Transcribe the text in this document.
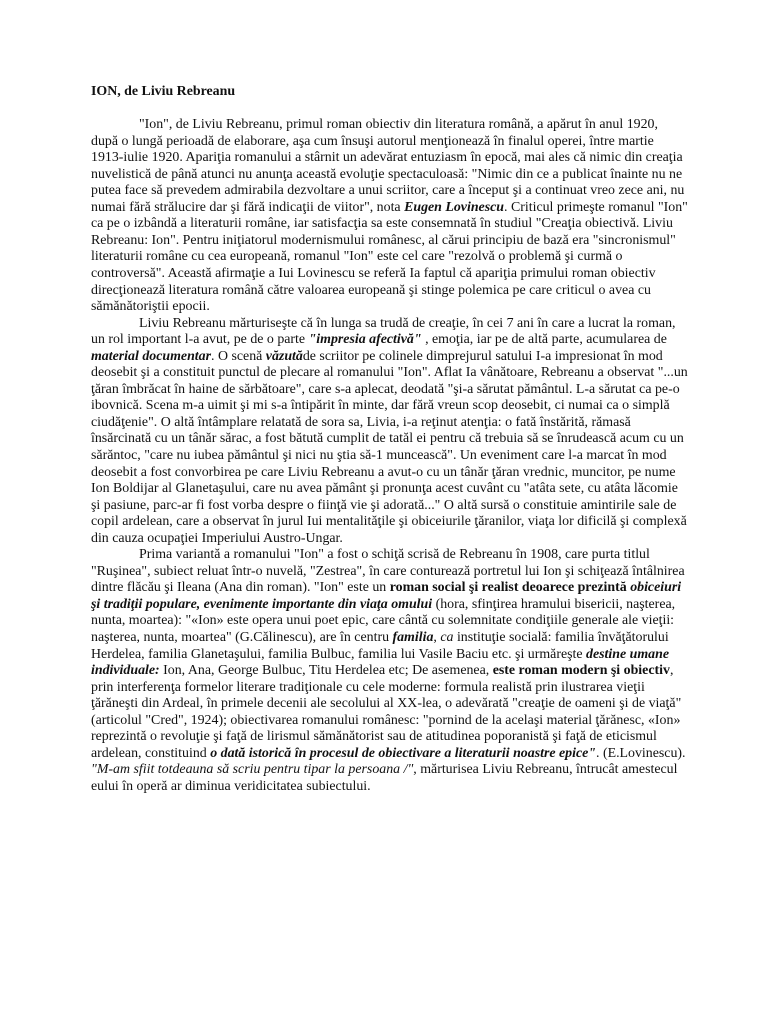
ION, de Liviu Rebreanu

"Ion", de Liviu Rebreanu, primul roman obiectiv din literatura română, a apărut în anul 1920, după o lungă perioadă de elaborare, aşa cum însuşi autorul menţionează în finalul operei, între martie 1913-iulie 1920. Apariţia romanului a stârnit un adevărat entuziasm în epocă, mai ales că nimic din creaţia nuvelistică de până atunci nu anunţa această evoluţie spectaculoasă: "Nimic din ce a publicat înainte nu ne putea face să prevedem admirabila dezvoltare a unui scriitor, care a început şi a continuat vreo zece ani, nu numai fără strălucire dar şi fără indicaţii de viitor", nota Eugen Lovinescu. Criticul primeşte romanul "Ion" ca pe o izbândă a literaturii române, iar satisfacţia sa este consemnată în studiul "Creaţia obiectivă. Liviu Rebreanu: Ion". Pentru iniţiatorul modernismului românesc, al cărui principiu de bază era "sincronismul" literaturii române cu cea europeană, romanul "Ion" este cel care "rezolvă o problemă şi curmă o controversă". Această afirmaţie a Iui Lovinescu se referă Ia faptul că apariţia primului roman obiectiv direcţionează literatura română către valoarea europeană şi stinge polemica pe care criticul o avea cu sămănătoriştii epocii.

Liviu Rebreanu mărturiseşte că în lunga sa trudă de creaţie, în cei 7 ani în care a lucrat la roman, un rol important l-a avut, pe de o parte "impresia afectivă" , emoţia, iar pe de altă parte, acumularea de material documentar. O scenă văzutăde scriitor pe colinele dimprejurul satului I-a impresionat în mod deosebit şi a constituit punctul de plecare al romanului "Ion". Aflat Ia vânătoare, Rebreanu a observat "...un ţăran îmbrăcat în haine de sărbătoare", care s-a aplecat, deodată "şi-a sărutat pământul. L-a sărutat ca pe-o ibovnică. Scena m-a uimit şi mi s-a întipărit în minte, dar fără vreun scop deosebit, ci numai ca o simplă ciudăţenie". O altă întâmplare relatată de sora sa, Livia, i-a reţinut atenţia: o fată înstărită, rămasă însărcinată cu un tânăr sărac, a fost bătută cumplit de tatăl ei pentru că trebuia să se înrudească acum cu un sărăntoc, "care nu iubea pământul şi nici nu ştia să-1 muncească". Un eveniment care l-a marcat în mod deosebit a fost convorbirea pe care Liviu Rebreanu a avut-o cu un tânăr ţăran vrednic, muncitor, pe nume Ion Boldijar al Glanetaşului, care nu avea pământ şi pronunţa acest cuvânt cu "atâta sete, cu atâta lăcomie şi pasiune, parc-ar fi fost vorba despre o fiinţă vie şi adorată..." O altă sursă o constituie amintirile sale de copil ardelean, care a observat în jurul Iui mentalităţile şi obiceiurile ţăranilor, viaţa lor dificilă şi complexă din cauza ocupaţiei Imperiului Austro-Ungar.

Prima variantă a romanului "Ion" a fost o schiţă scrisă de Rebreanu în 1908, care purta titlul "Ruşinea", subiect reluat într-o nuvelă, "Zestrea", în care conturează portretul lui Ion şi schiţează întâlnirea dintre flăcău şi Ileana (Ana din roman). "Ion" este un roman social şi realist deoarece prezintă obiceiuri şi tradiţii populare, evenimente importante din viaţa omului (hora, sfinţirea hramului bisericii, naşterea, nunta, moartea): "«Ion» este opera unui poet epic, care cântă cu solemnitate condiţiile generale ale vieţii: naşterea, nunta, moartea" (G.Călinescu), are în centru familia, ca instituţie socială: familia învăţătorului Herdelea, familia Glanetaşului, familia Bulbuc, familia lui Vasile Baciu etc. şi urmăreşte destine umane individuale: Ion, Ana, George Bulbuc, Titu Herdelea etc; De asemenea, este roman modern şi obiectiv, prin interferenţa formelor literare tradiţionale cu cele moderne: formula realistă prin ilustrarea vieţii ţărăneşti din Ardeal, în primele decenii ale secolului al XX-lea, o adevărată "creaţie de oameni şi de viaţă" (articolul "Cred", 1924); obiectivarea romanului românesc: "pornind de la acelaşi material ţărănesc, «Ion» reprezintă o revoluţie şi faţă de lirismul sămănătorist sau de atitudinea poporanistă şi faţă de eticismul ardelean, constituind o dată istorică în procesul de obiectivare a literaturii noastre epice". (E.Lovinescu). "M-am sfiit totdeauna să scriu pentru tipar la persoana /", mărturisea Liviu Rebreanu, întrucât amestecul eului în operă ar diminua veridicitatea subiectului.
